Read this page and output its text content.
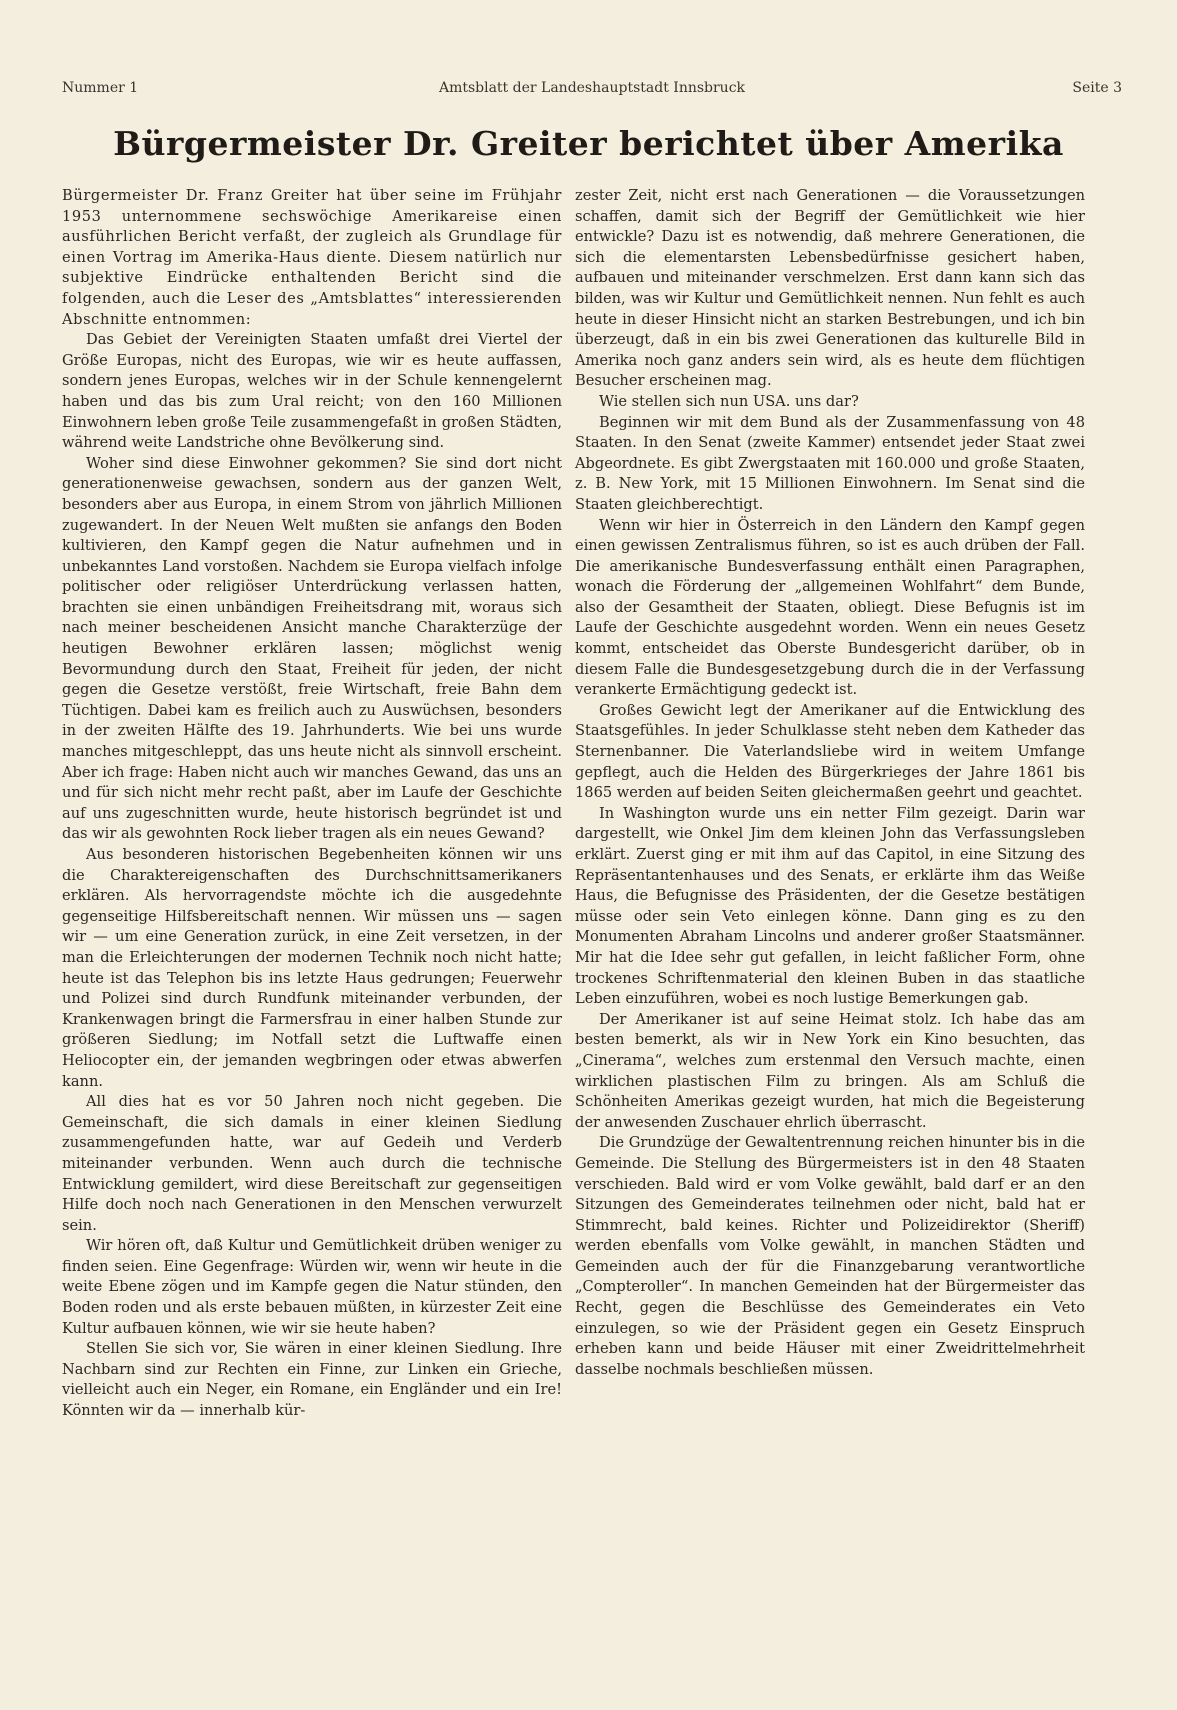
Nummer 1	Amtsblatt der Landeshauptstadt Innsbruck	Seite 3
Bürgermeister Dr. Greiter berichtet über Amerika

Bürgermeister Dr. Franz Greiter hat über seine im Frühjahr 1953 unternommene sechswöchige Amerikareise einen ausführlichen Bericht verfaßt, der zugleich als Grundlage für einen Vortrag im Amerika-Haus diente. Diesem natürlich nur subjektive Eindrücke enthaltenden Bericht sind die folgenden, auch die Leser des „Amtsblattes“ interessierenden Abschnitte entnommen:

Das Gebiet der Vereinigten Staaten umfaßt drei Viertel der Größe Europas, nicht des Europas, wie wir es heute auffassen, sondern jenes Europas, welches wir in der Schule kennengelernt haben und das bis zum Ural reicht; von den 160 Millionen Einwohnern leben große Teile zusammengefaßt in großen Städten, während weite Landstriche ohne Bevölkerung sind.

Woher sind diese Einwohner gekommen? Sie sind dort nicht generationenweise gewachsen, sondern aus der ganzen Welt, besonders aber aus Europa, in einem Strom von jährlich Millionen zugewandert. In der Neuen Welt mußten sie anfangs den Boden kultivieren, den Kampf gegen die Natur aufnehmen und in unbekanntes Land vorstoßen. Nachdem sie Europa vielfach infolge politischer oder religiöser Unterdrückung verlassen hatten, brachten sie einen unbändigen Freiheitsdrang mit, woraus sich nach meiner bescheidenen Ansicht manche Charakterzüge der heutigen Bewohner erklären lassen; möglichst wenig Bevormundung durch den Staat, Freiheit für jeden, der nicht gegen die Gesetze verstößt, freie Wirtschaft, freie Bahn dem Tüchtigen. Dabei kam es freilich auch zu Auswüchsen, besonders in der zweiten Hälfte des 19. Jahrhunderts. Wie bei uns wurde manches mitgeschleppt, das uns heute nicht als sinnvoll erscheint. Aber ich frage: Haben nicht auch wir manches Gewand, das uns an und für sich nicht mehr recht paßt, aber im Laufe der Geschichte auf uns zugeschnitten wurde, heute historisch begründet ist und das wir als gewohnten Rock lieber tragen als ein neues Gewand?

Aus besonderen historischen Begebenheiten können wir uns die Charaktereigenschaften des Durchschnittsamerikaners erklären. Als hervorragendste möchte ich die ausgedehnte gegenseitige Hilfsbereitschaft nennen. Wir müssen uns — sagen wir — um eine Generation zurück, in eine Zeit versetzen, in der man die Erleichterungen der modernen Technik noch nicht hatte; heute ist das Telephon bis ins letzte Haus gedrungen; Feuerwehr und Polizei sind durch Rundfunk miteinander verbunden, der Krankenwagen bringt die Farmersfrau in einer halben Stunde zur größeren Siedlung; im Notfall setzt die Luftwaffe einen Heliocopter ein, der jemanden wegbringen oder etwas abwerfen kann.

All dies hat es vor 50 Jahren noch nicht gegeben. Die Gemeinschaft, die sich damals in einer kleinen Siedlung zusammengefunden hatte, war auf Gedeih und Verderb miteinander verbunden. Wenn auch durch die technische Entwicklung gemildert, wird diese Bereitschaft zur gegenseitigen Hilfe doch noch nach Generationen in den Menschen verwurzelt sein.

Wir hören oft, daß Kultur und Gemütlichkeit drüben weniger zu finden seien. Eine Gegenfrage: Würden wir, wenn wir heute in die weite Ebene zögen und im Kampfe gegen die Natur stünden, den Boden roden und als erste bebauen müßten, in kürzester Zeit eine Kultur aufbauen können, wie wir sie heute haben?

Stellen Sie sich vor, Sie wären in einer kleinen Siedlung. Ihre Nachbarn sind zur Rechten ein Finne, zur Linken ein Grieche, vielleicht auch ein Neger, ein Romane, ein Engländer und ein Ire! Könnten wir da — innerhalb kür-

zester Zeit, nicht erst nach Generationen — die Voraussetzungen schaffen, damit sich der Begriff der Gemütlichkeit wie hier entwickle? Dazu ist es notwendig, daß mehrere Generationen, die sich die elementarsten Lebensbedürfnisse gesichert haben, aufbauen und miteinander verschmelzen. Erst dann kann sich das bilden, was wir Kultur und Gemütlichkeit nennen. Nun fehlt es auch heute in dieser Hinsicht nicht an starken Bestrebungen, und ich bin überzeugt, daß in ein bis zwei Generationen das kulturelle Bild in Amerika noch ganz anders sein wird, als es heute dem flüchtigen Besucher erscheinen mag.

Wie stellen sich nun USA. uns dar?

Beginnen wir mit dem Bund als der Zusammenfassung von 48 Staaten. In den Senat (zweite Kammer) entsendet jeder Staat zwei Abgeordnete. Es gibt Zwergstaaten mit 160.000 und große Staaten, z. B. New York, mit 15 Millionen Einwohnern. Im Senat sind die Staaten gleichberechtigt.

Wenn wir hier in Österreich in den Ländern den Kampf gegen einen gewissen Zentralismus führen, so ist es auch drüben der Fall. Die amerikanische Bundesverfassung enthält einen Paragraphen, wonach die Förderung der „allgemeinen Wohlfahrt“ dem Bunde, also der Gesamtheit der Staaten, obliegt. Diese Befugnis ist im Laufe der Geschichte ausgedehnt worden. Wenn ein neues Gesetz kommt, entscheidet das Oberste Bundesgericht darüber, ob in diesem Falle die Bundesgesetzgebung durch die in der Verfassung verankerte Ermächtigung gedeckt ist.

Großes Gewicht legt der Amerikaner auf die Entwicklung des Staatsgefühles. In jeder Schulklasse steht neben dem Katheder das Sternenbanner. Die Vaterlandsliebe wird in weitem Umfange gepflegt, auch die Helden des Bürgerkrieges der Jahre 1861 bis 1865 werden auf beiden Seiten gleichermaßen geehrt und geachtet.

In Washington wurde uns ein netter Film gezeigt. Darin war dargestellt, wie Onkel Jim dem kleinen John das Verfassungsleben erklärt. Zuerst ging er mit ihm auf das Capitol, in eine Sitzung des Repräsentantenhauses und des Senats, er erklärte ihm das Weiße Haus, die Befugnisse des Präsidenten, der die Gesetze bestätigen müsse oder sein Veto einlegen könne. Dann ging es zu den Monumenten Abraham Lincolns und anderer großer Staatsmänner. Mir hat die Idee sehr gut gefallen, in leicht faßlicher Form, ohne trockenes Schriftenmaterial den kleinen Buben in das staatliche Leben einzuführen, wobei es noch lustige Bemerkungen gab.

Der Amerikaner ist auf seine Heimat stolz. Ich habe das am besten bemerkt, als wir in New York ein Kino besuchten, das „Cinerama“, welches zum erstenmal den Versuch machte, einen wirklichen plastischen Film zu bringen. Als am Schluß die Schönheiten Amerikas gezeigt wurden, hat mich die Begeisterung der anwesenden Zuschauer ehrlich überrascht.

Die Grundzüge der Gewaltentrennung reichen hinunter bis in die Gemeinde. Die Stellung des Bürgermeisters ist in den 48 Staaten verschieden. Bald wird er vom Volke gewählt, bald darf er an den Sitzungen des Gemeinderates teilnehmen oder nicht, bald hat er Stimmrecht, bald keines. Richter und Polizeidirektor (Sheriff) werden ebenfalls vom Volke gewählt, in manchen Städten und Gemeinden auch der für die Finanzgebarung verantwortliche „Compteroller“. In manchen Gemeinden hat der Bürgermeister das Recht, gegen die Beschlüsse des Gemeinderates ein Veto einzulegen, so wie der Präsident gegen ein Gesetz Einspruch erheben kann und beide Häuser mit einer Zweidrittelmehrheit dasselbe nochmals beschließen müssen.
